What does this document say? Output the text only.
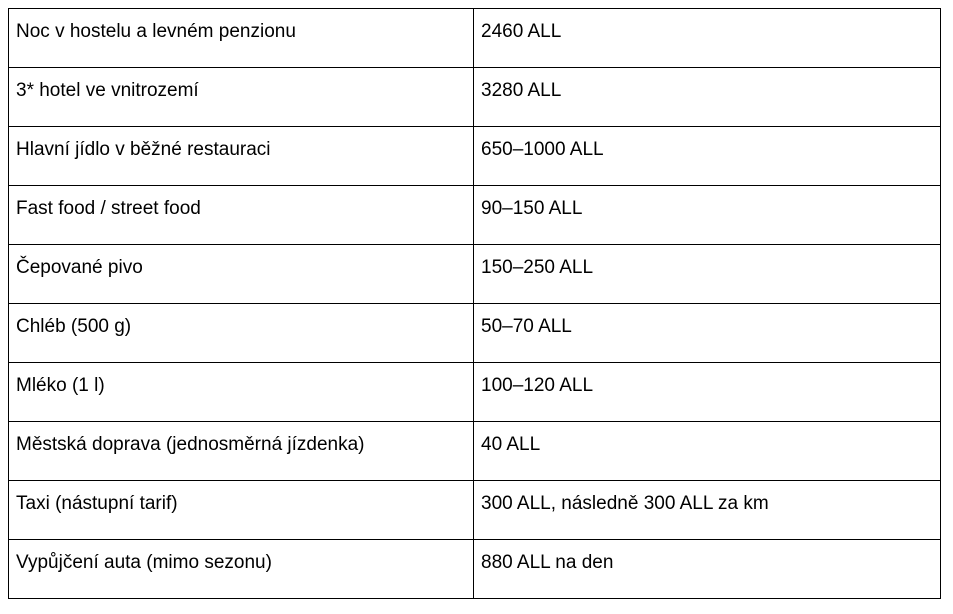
Noc v hostelu a levném penzionu	2460 ALL

3* hotel ve vnitrozemí	3280 ALL

Hlavní jídlo v běžné restauraci	650–1000 ALL

Fast food / street food	90–150 ALL

Čepované pivo	150–250 ALL

Chléb (500 g)	50–70 ALL

Mléko (1 l)	100–120 ALL

Městská doprava (jednosměrná jízdenka)	40 ALL

Taxi (nástupní tarif)	300 ALL, následně 300 ALL za km

Vypůjčení auta (mimo sezonu)	880 ALL na den
